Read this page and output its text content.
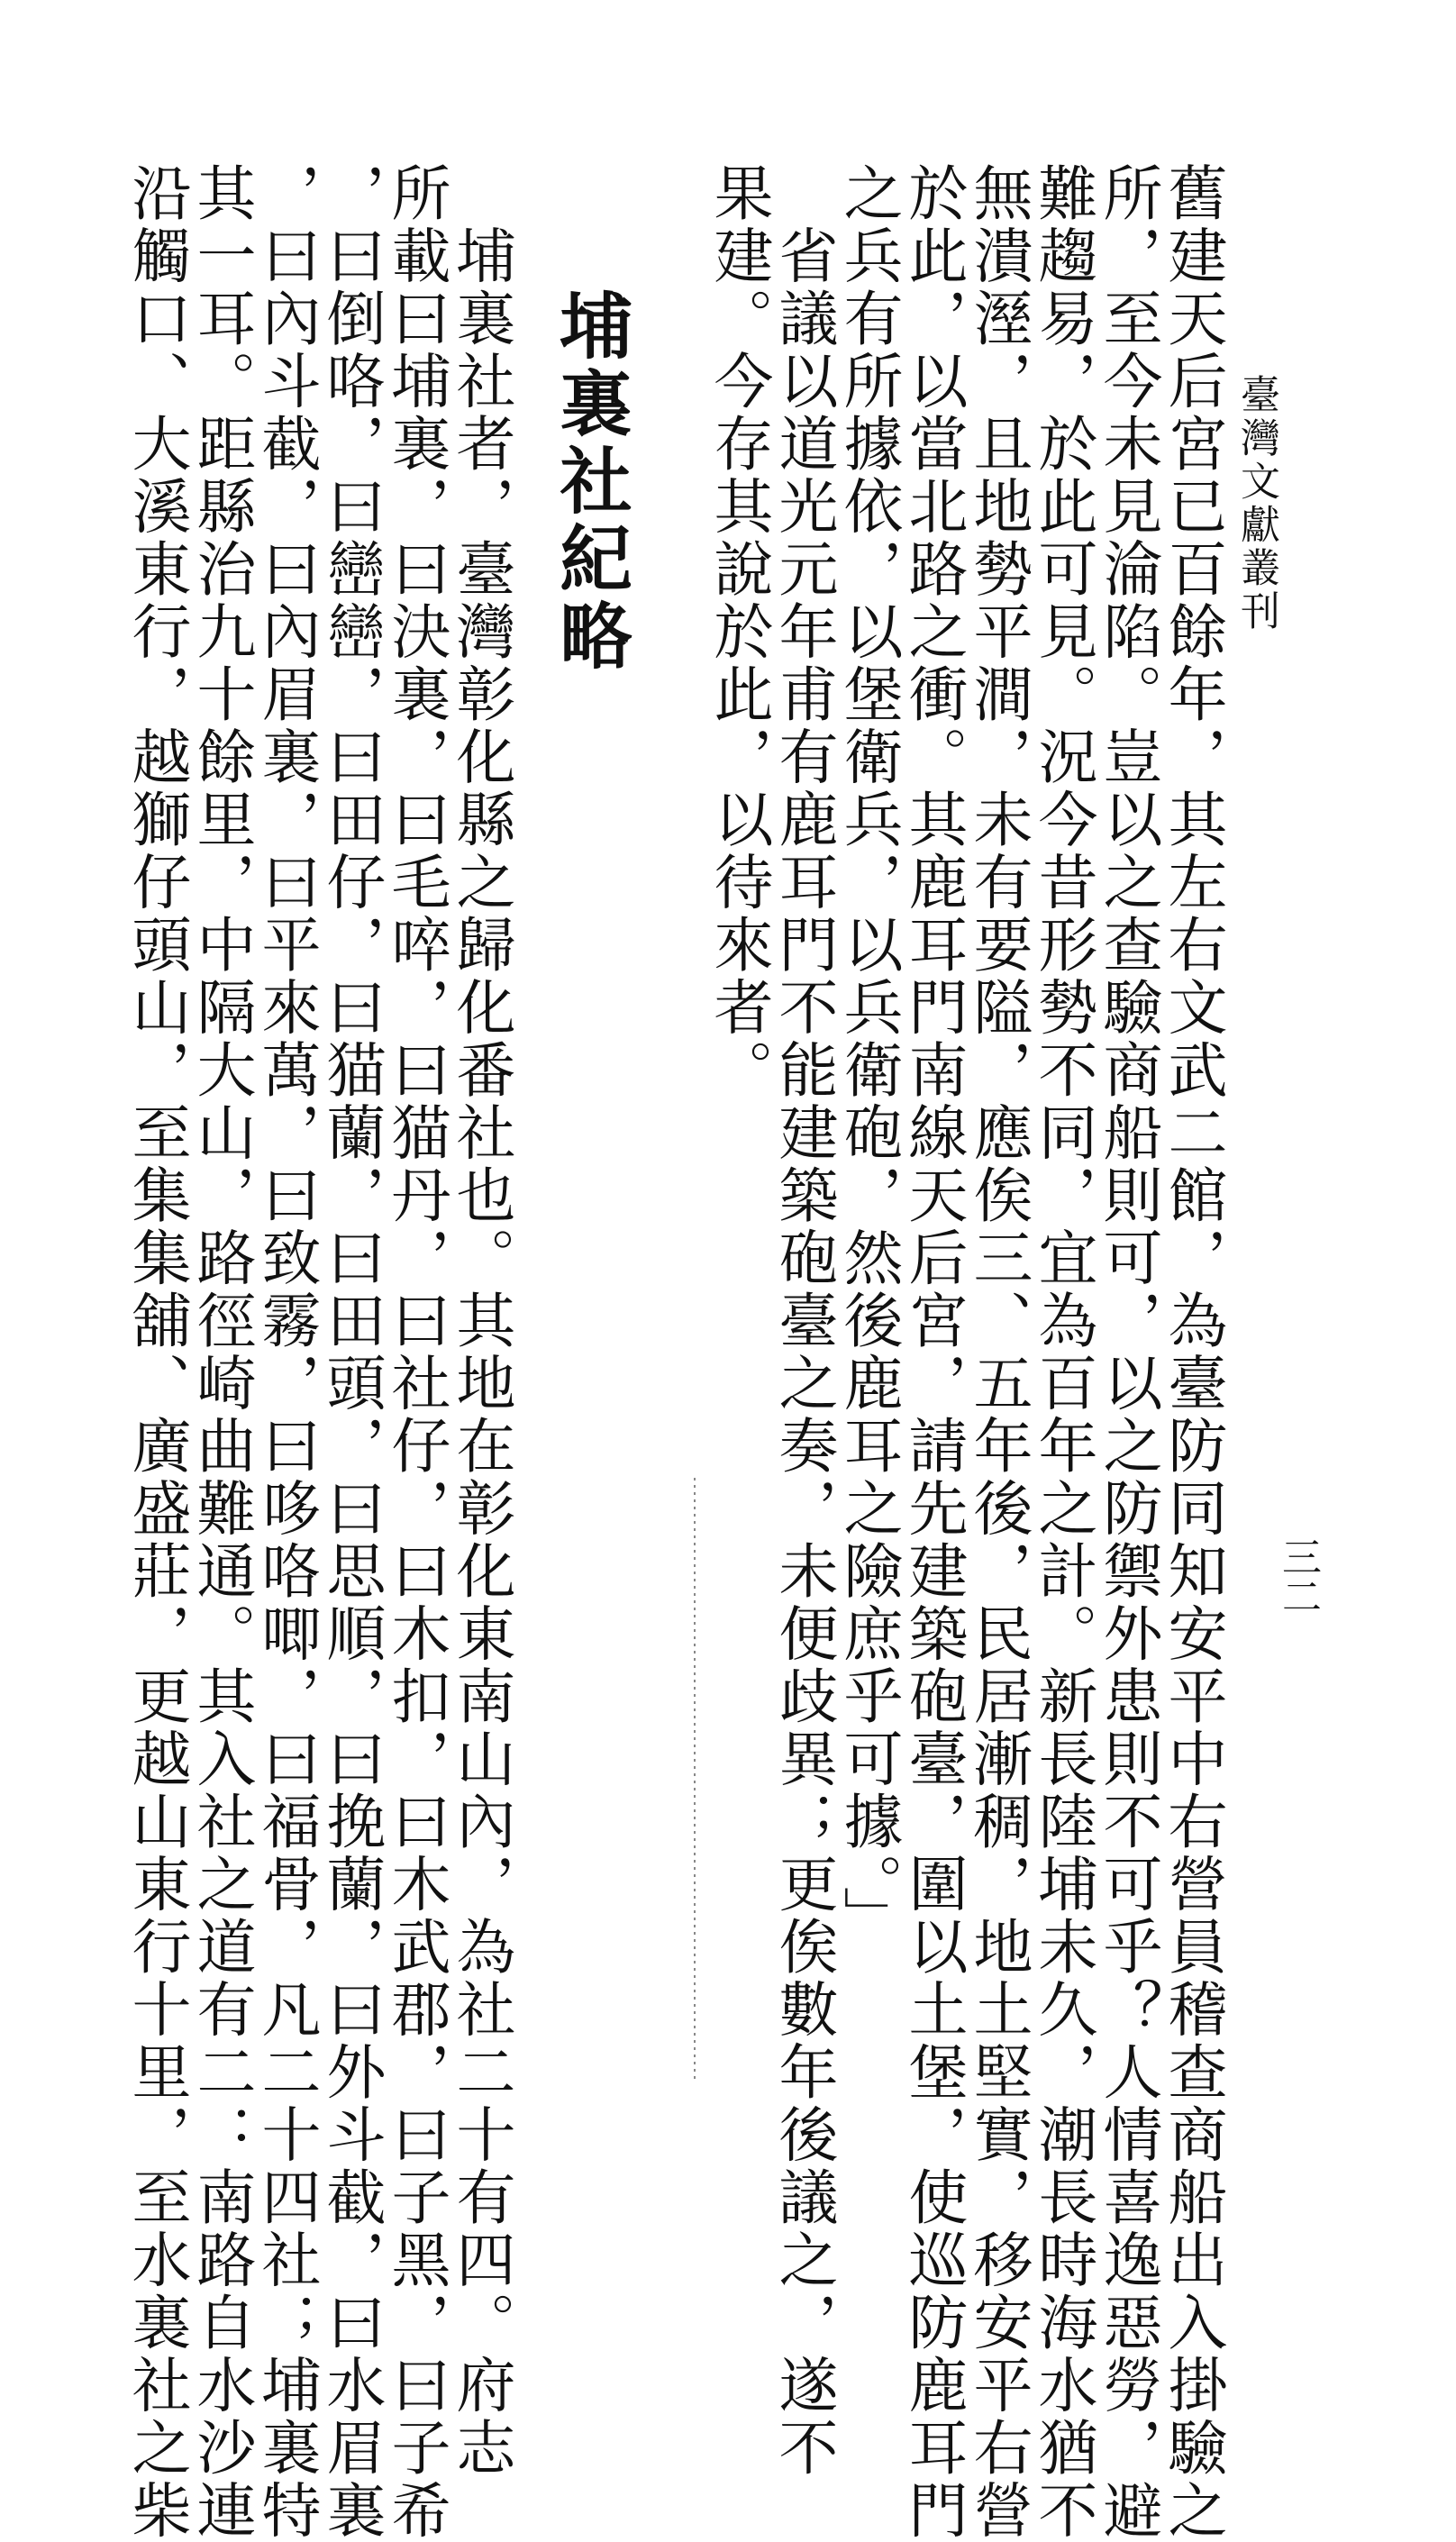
臺灣文獻叢刊
三二
舊建天后宮已百餘年，其左右文武二館，為臺防同知安平中右營員稽查商船出入掛驗之
所，至今未見淪陷。豈以之查驗商船則可，以之防禦外患則不可乎？人情喜逸惡勞，避
難趨易，於此可見。況今昔形勢不同，宜為百年之計。新長陸埔未久，潮長時海水猶不
無潰溼，且地勢平澗，未有要隘，應俟三、五年後，民居漸稠，地土堅實，移安平右營
於此，以當北路之衝。其鹿耳門南線天后宮，請先建築砲臺，圍以土堡，使巡防鹿耳門
之兵有所據依，以堡衛兵，以兵衛砲，然後鹿耳之險庶乎可據。」
　省議以道光元年甫有鹿耳門不能建築砲臺之奏，未便歧異；更俟數年後議之，遂不
果建。今存其說於此，以待來者。
埔裏社紀略
　埔裏社者，臺灣彰化縣之歸化番社也。其地在彰化東南山內，為社二十有四。府志
所載曰埔裏，曰決裏，曰毛啐，曰猫丹，曰社仔，曰木扣，曰木武郡，曰子黑，曰子希
，曰倒咯，曰巒巒，曰田仔，曰猫蘭，曰田頭，曰思順，曰挽蘭，曰外斗截，曰水眉裏
，曰內斗截，曰內眉裏，曰平來萬，曰致霧，曰哆咯唧，曰福骨，凡二十四社；埔裏特
其一耳。距縣治九十餘里，中隔大山，路徑崎曲難通。其入社之道有二：南路自水沙連
沿觸口、大溪東行，越獅仔頭山，至集集舖、廣盛莊，更越山東行十里，至水裏社之柴
